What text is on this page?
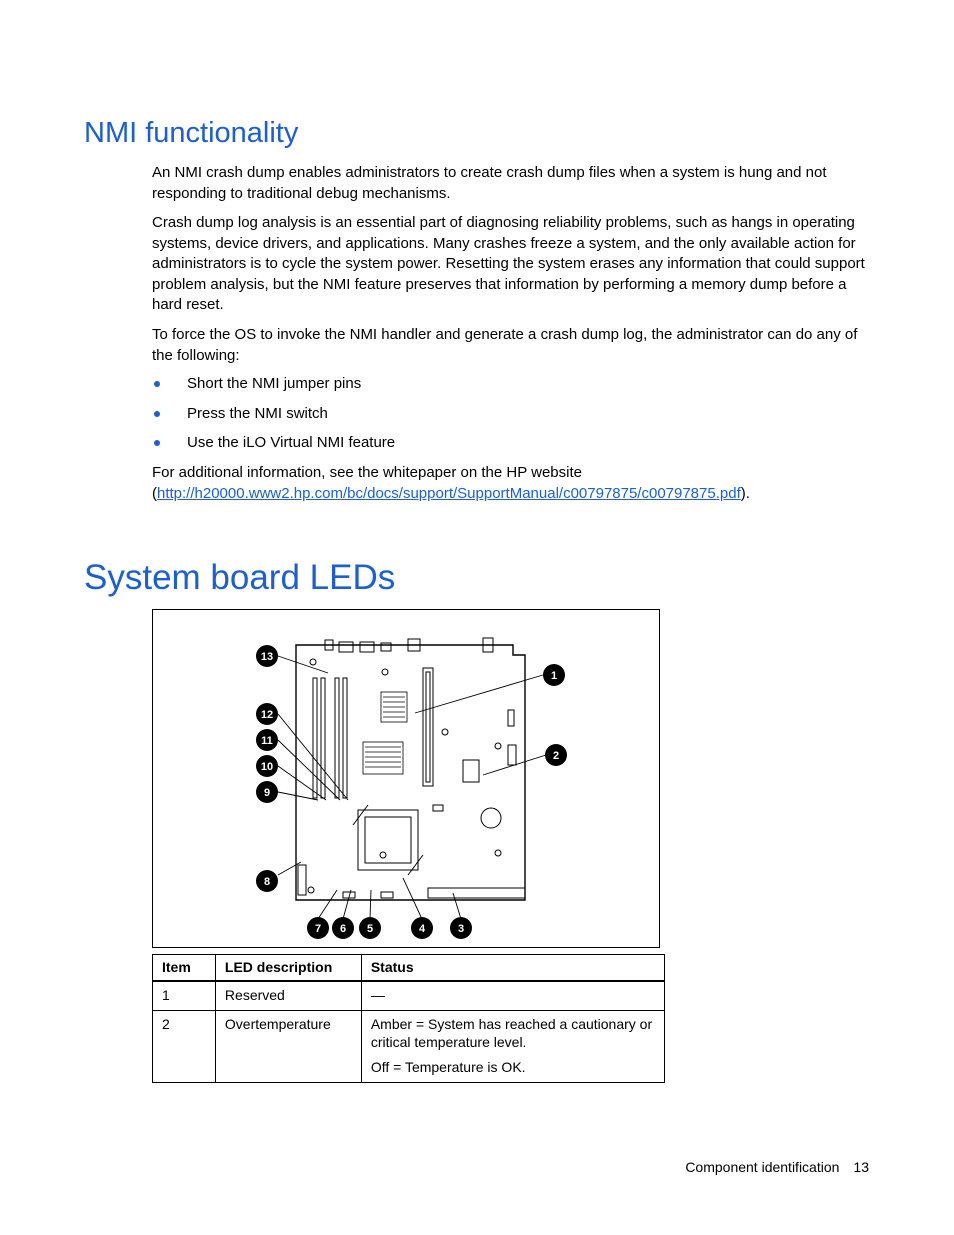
NMI functionality

An NMI crash dump enables administrators to create crash dump files when a system is hung and not responding to traditional debug mechanisms.

Crash dump log analysis is an essential part of diagnosing reliability problems, such as hangs in operating systems, device drivers, and applications. Many crashes freeze a system, and the only available action for administrators is to cycle the system power. Resetting the system erases any information that could support problem analysis, but the NMI feature preserves that information by performing a memory dump before a hard reset.

To force the OS to invoke the NMI handler and generate a crash dump log, the administrator can do any of the following:

Short the NMI jumper pins
Press the NMI switch
Use the iLO Virtual NMI feature

For additional information, see the whitepaper on the HP website
(http://h20000.www2.hp.com/bc/docs/support/SupportManual/c00797875/c00797875.pdf).

System board LEDs
1
2
3
4
5
6
7
8
9
10
11
12
13
Item	LED description	Status
1	Reserved	—

2	Overtemperature	Amber = System has reached a cautionary or critical temperature level.

Off = Temperature is OK.

Component identification 13
